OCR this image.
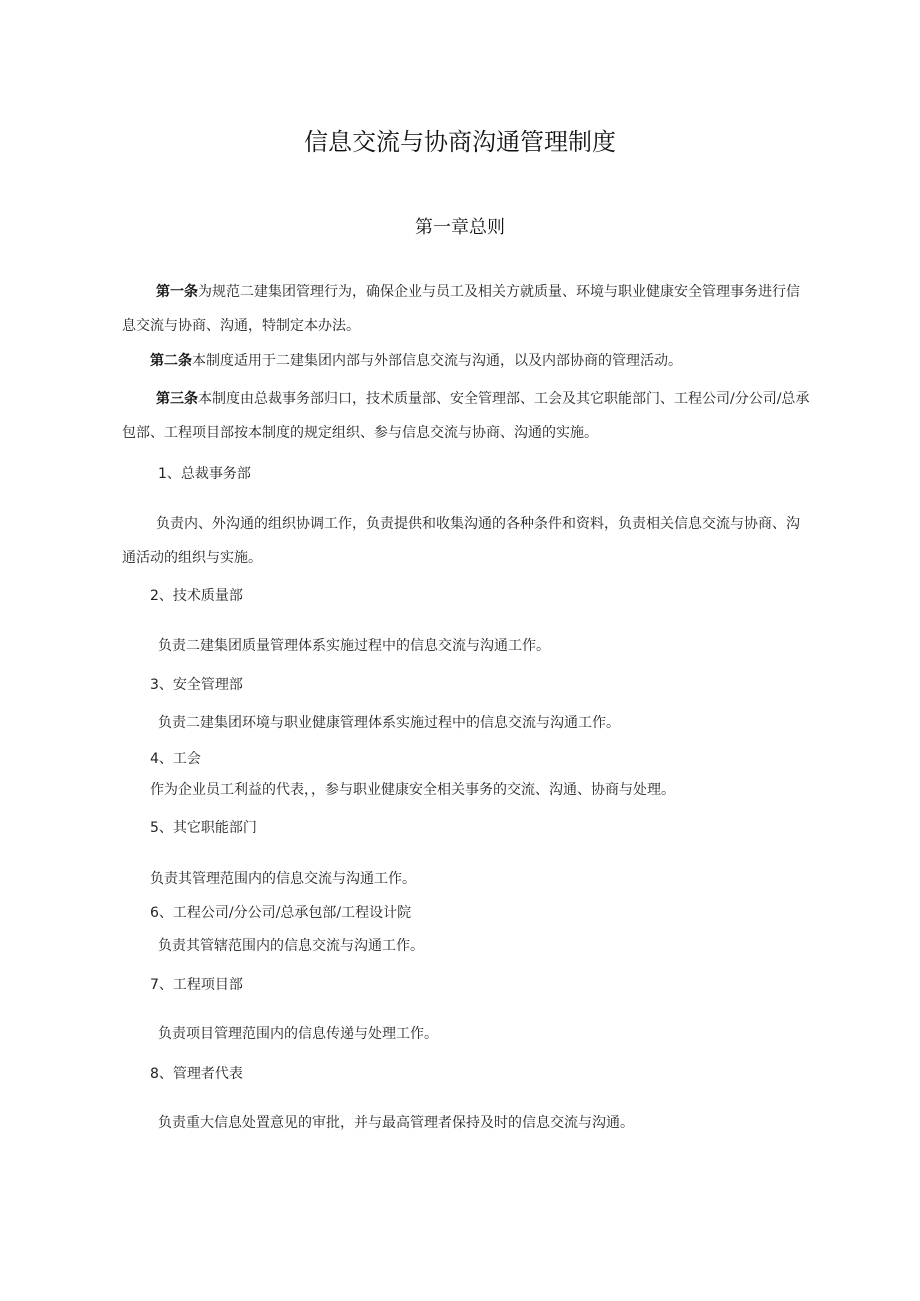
信息交流与协商沟通管理制度
第一章总则
第一条为规范二建集团管理行为，确保企业与员工及相关方就质量、环境与职业健康安全管理事务进行信息交流与协商、沟通，特制定本办法。
第二条本制度适用于二建集团内部与外部信息交流与沟通，以及内部协商的管理活动。
第三条本制度由总裁事务部归口，技术质量部、安全管理部、工会及其它职能部门、工程公司/分公司/总承包部、工程项目部按本制度的规定组织、参与信息交流与协商、沟通的实施。
1、总裁事务部
负责内、外沟通的组织协调工作，负责提供和收集沟通的各种条件和资料，负责相关信息交流与协商、沟通活动的组织与实施。
2、技术质量部
负责二建集团质量管理体系实施过程中的信息交流与沟通工作。
3、安全管理部
负责二建集团环境与职业健康管理体系实施过程中的信息交流与沟通工作。
4、工会
作为企业员工利益的代表，，参与职业健康安全相关事务的交流、沟通、协商与处理。
5、其它职能部门
负责其管理范围内的信息交流与沟通工作。
6、工程公司/分公司/总承包部/工程设计院
负责其管辖范围内的信息交流与沟通工作。
7、工程项目部
负责项目管理范围内的信息传递与处理工作。
8、管理者代表
负责重大信息处置意见的审批，并与最高管理者保持及时的信息交流与沟通。
